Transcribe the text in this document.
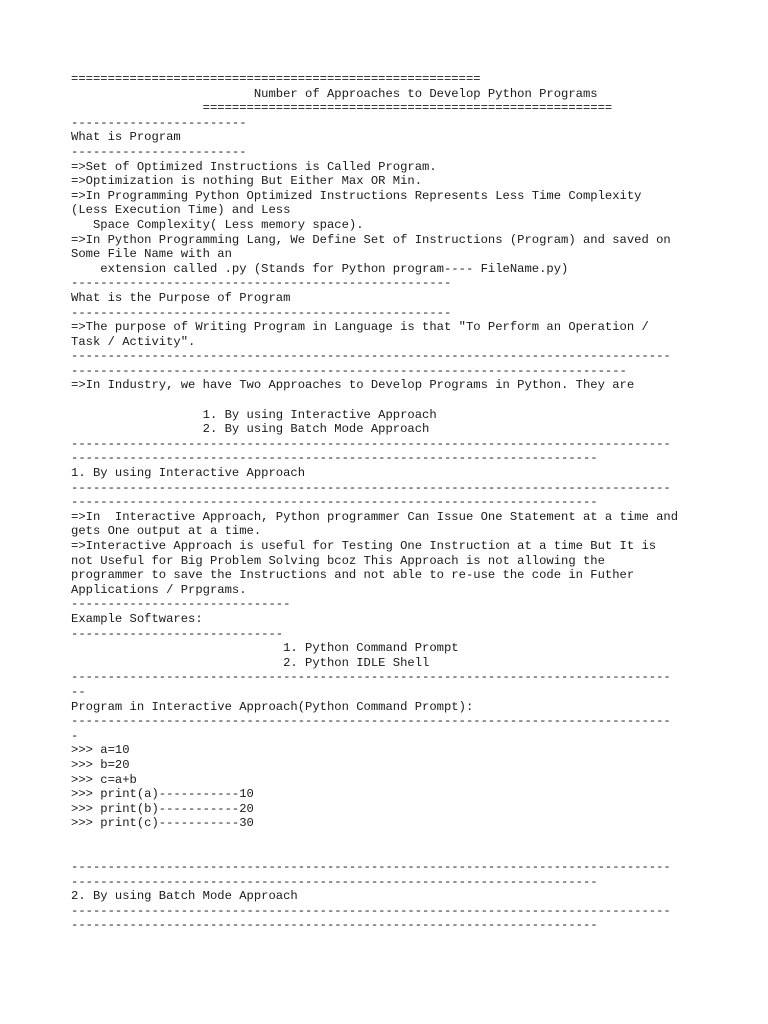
========================================================
Number of Approaches to Develop Python Programs
========================================================
------------------------
What is Program
------------------------
=>Set of Optimized Instructions is Called Program.
=>Optimization is nothing But Either Max OR Min.
=>In Programming Python Optimized Instructions Represents Less Time Complexity
(Less Execution Time) and Less
Space Complexity( Less memory space).
=>In Python Programming Lang, We Define Set of Instructions (Program) and saved on
Some File Name with an
extension called .py (Stands for Python program---- FileName.py)
----------------------------------------------------
What is the Purpose of Program
----------------------------------------------------
=>The purpose of Writing Program in Language is that "To Perform an Operation /
Task / Activity".
----------------------------------------------------------------------------------
----------------------------------------------------------------------------
=>In Industry, we have Two Approaches to Develop Programs in Python. They are
1. By using Interactive Approach
2. By using Batch Mode Approach
----------------------------------------------------------------------------------
------------------------------------------------------------------------
1. By using Interactive Approach
----------------------------------------------------------------------------------
------------------------------------------------------------------------
=>In  Interactive Approach, Python programmer Can Issue One Statement at a time and
gets One output at a time.
=>Interactive Approach is useful for Testing One Instruction at a time But It is
not Useful for Big Problem Solving bcoz This Approach is not allowing the
programmer to save the Instructions and not able to re-use the code in Futher
Applications / Prpgrams.
------------------------------
Example Softwares:
-----------------------------
1. Python Command Prompt
2. Python IDLE Shell
----------------------------------------------------------------------------------
--
Program in Interactive Approach(Python Command Prompt):
----------------------------------------------------------------------------------
-
>>> a=10
>>> b=20
>>> c=a+b
>>> print(a)-----------10
>>> print(b)-----------20
>>> print(c)-----------30
----------------------------------------------------------------------------------
------------------------------------------------------------------------
2. By using Batch Mode Approach
----------------------------------------------------------------------------------
------------------------------------------------------------------------
